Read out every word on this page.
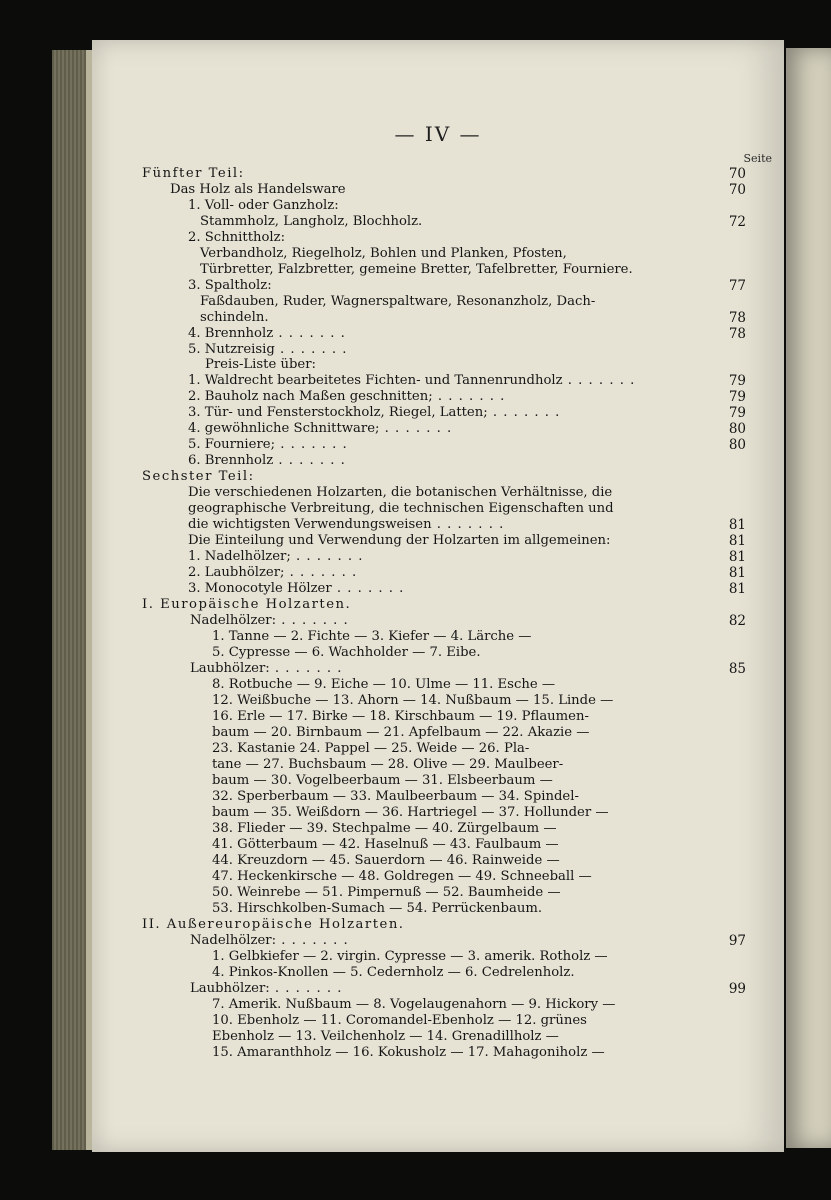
— IV —
Seite
Fünfter Teil:	70
Das Holz als Handelsware	70
1. Voll- oder Ganzholz:
Stammholz, Langholz, Blochholz.	72
2. Schnittholz:
Verbandholz, Riegelholz, Bohlen und Planken, Pfosten,
Türbretter, Falzbretter, gemeine Bretter, Tafelbretter, Fourniere.
3. Spaltholz:	77
Faßdauben, Ruder, Wagnerspaltware, Resonanzholz, Dach-
schindeln.	78
4. Brennholz . .	78
5. Nutzreisig . .
Preis-Liste über:
1. Waldrecht bearbeitetes Fichten- und Tannenrundholz . .	79
2. Bauholz nach Maßen geschnitten; . .	79
3. Tür- und Fensterstockholz, Riegel, Latten; . .	79
4. gewöhnliche Schnittware; . .	80
5. Fourniere; . .	80
6. Brennholz . .
Sechster Teil:
Die verschiedenen Holzarten, die botanischen Verhältnisse, die
geographische Verbreitung, die technischen Eigenschaften und
die wichtigsten Verwendungsweisen . .	81
Die Einteilung und Verwendung der Holzarten im allgemeinen:	81
1. Nadelhölzer; . .	81
2. Laubhölzer; . .	81
3. Monocotyle Hölzer . .	81
I. Europäische Holzarten.
Nadelhölzer: . .	82
1. Tanne — 2. Fichte — 3. Kiefer — 4. Lärche —
5. Cypresse — 6. Wachholder — 7. Eibe.
Laubhölzer: . .	85
8. Rotbuche — 9. Eiche — 10. Ulme — 11. Esche —
12. Weißbuche — 13. Ahorn — 14. Nußbaum — 15. Linde —
16. Erle — 17. Birke — 18. Kirschbaum — 19. Pflaumen-
baum — 20. Birnbaum — 21. Apfelbaum — 22. Akazie —
23. Kastanie 24. Pappel — 25. Weide — 26. Pla-
tane — 27. Buchsbaum — 28. Olive — 29. Maulbeer-
baum — 30. Vogelbeerbaum — 31. Elsbeerbaum —
32. Sperberbaum — 33. Maulbeerbaum — 34. Spindel-
baum — 35. Weißdorn — 36. Hartriegel — 37. Hollunder —
38. Flieder — 39. Stechpalme — 40. Zürgelbaum —
41. Götterbaum — 42. Haselnuß — 43. Faulbaum —
44. Kreuzdorn — 45. Sauerdorn — 46. Rainweide —
47. Heckenkirsche — 48. Goldregen — 49. Schneeball —
50. Weinrebe — 51. Pimpernuß — 52. Baumheide —
53. Hirschkolben-Sumach — 54. Perrückenbaum.
II. Außereuropäische Holzarten.
Nadelhölzer: . .	97
1. Gelbkiefer — 2. virgin. Cypresse — 3. amerik. Rotholz —
4. Pinkos-Knollen — 5. Cedernholz — 6. Cedrelenholz.
Laubhölzer: . .	99
7. Amerik. Nußbaum — 8. Vogelaugenahorn — 9. Hickory —
10. Ebenholz — 11. Coromandel-Ebenholz — 12. grünes
Ebenholz — 13. Veilchenholz — 14. Grenadillholz —
15. Amaranthholz — 16. Kokusholz — 17. Mahagoniholz —
